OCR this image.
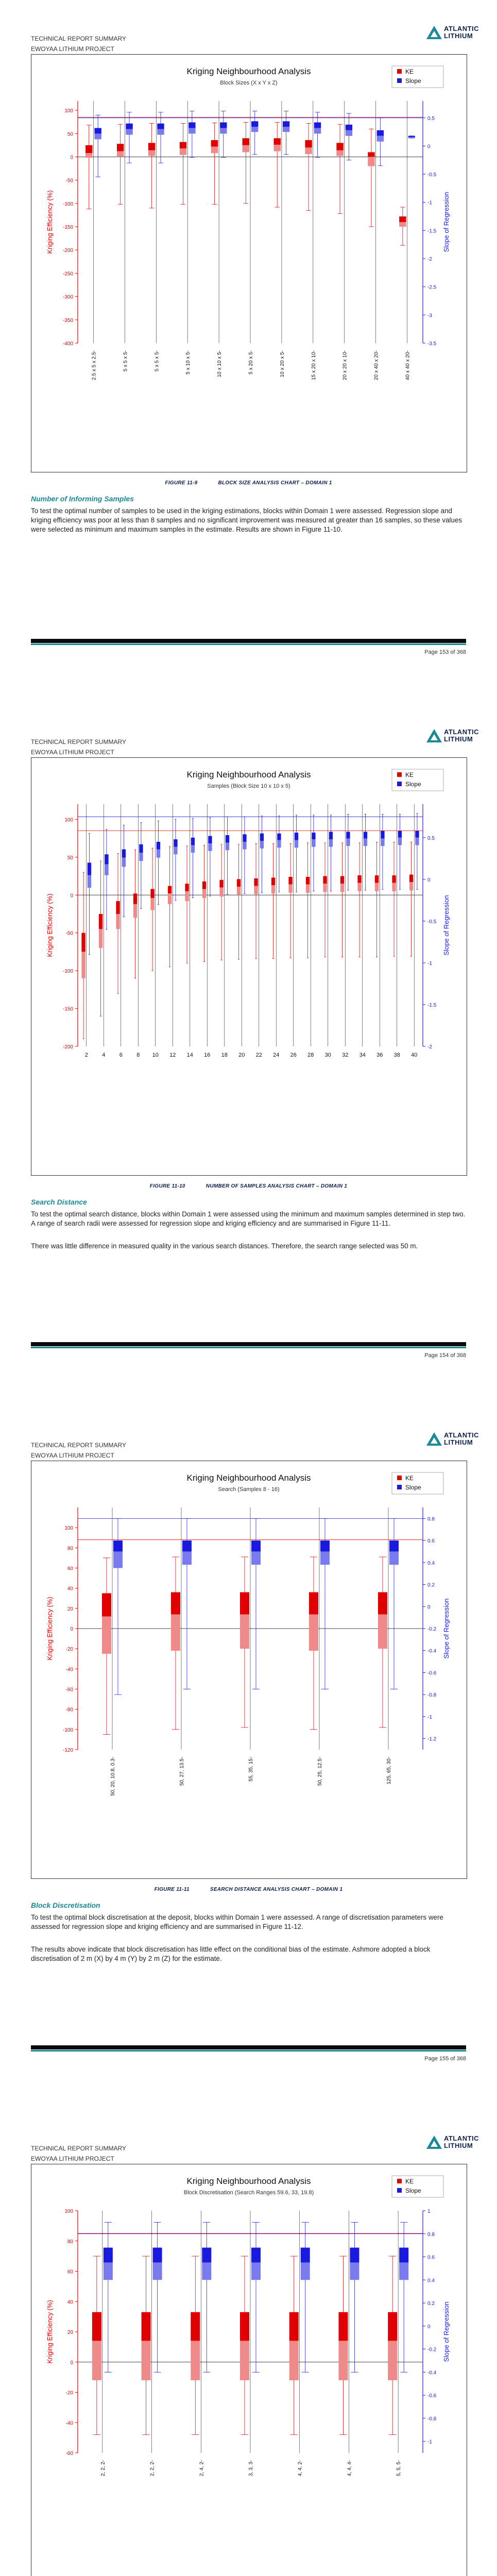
TECHNICAL REPORT SUMMARY
EWOYAA LITHIUM PROJECT
ATLANTIC
LITHIUM
Kriging Neighbourhood Analysis
Block Sizes (X x Y x Z)
KE
Slope
100
50
0
-50
-100
-150
-200
-250
-300
-350
-400
0.5
0
-0.5
-1
-1.5
-2
-2.5
-3
-3.5
Kriging Efficiency (%)	Slope of Regression
2.5 x 5 x 2.5-	5 x 5 x 5-	5 x 5 x 5-	5 x 10 x 5-	10 x 10 x 5-	5 x 20 x 5-	10 x 20 x 5-	15 x 20 x 10-	20 x 20 x 10-	20 x 40 x 20-	40 x 40 x 20-
FIGURE 11-9	BLOCK SIZE ANALYSIS CHART – DOMAIN 1
Number of Informing Samples
To test the optimal number of samples to be used in the kriging estimations, blocks within Domain 1 were assessed. Regression slope and kriging efficiency was poor at less than 8 samples and no significant improvement was measured at greater than 16 samples, so these values were selected as minimum and maximum samples in the estimate. Results are shown in Figure 11-10.
Page 153 of 368
TECHNICAL REPORT SUMMARY
EWOYAA LITHIUM PROJECT
ATLANTIC
LITHIUM
Kriging Neighbourhood Analysis
Samples (Block Size 10 x 10 x 5)
KE
Slope
100
50
0
-50
-100
-150
-200
0.5
0
-0.5
-1
-1.5
-2
Kriging Efficiency (%)	Slope of Regression
2 4 6 8 10 12 14 16 18 20 22 24 26 28 30 32 34 36 38 40
FIGURE 11-10	NUMBER OF SAMPLES ANALYSIS CHART – DOMAIN 1
Search Distance
To test the optimal search distance, blocks within Domain 1 were assessed using the minimum and maximum samples determined in step two. A range of search radii were assessed for regression slope and kriging efficiency and are summarised in Figure 11-11.
There was little difference in measured quality in the various search distances. Therefore, the search range selected was 50 m.
Page 154 of 368
TECHNICAL REPORT SUMMARY
EWOYAA LITHIUM PROJECT
ATLANTIC
LITHIUM
Kriging Neighbourhood Analysis
Search (Samples 8 - 16)
KE
Slope
100
80
60
40
20
0
-20
-40
-60
-80
-100
-120
0.8
0.6
0.4
0.2
0
-0.2
-0.4
-0.6
-0.8
-1
-1.2
Kriging Efficiency (%)	Slope of Regression
50, 20, 10.8, 0.3-	50, 27, 13.5-	55, 35, 15-	50, 25, 12.5-	125, 65, 30-
FIGURE 11-11	SEARCH DISTANCE ANALYSIS CHART – DOMAIN 1
Block Discretisation
To test the optimal block discretisation at the deposit, blocks within Domain 1 were assessed. A range of discretisation parameters were assessed for regression slope and kriging efficiency and are summarised in Figure 11-12.
The results above indicate that block discretisation has little effect on the conditional bias of the estimate. Ashmore adopted a block discretisation of 2 m (X) by 4 m (Y) by 2 m (Z) for the estimate.
Page 155 of 368
TECHNICAL REPORT SUMMARY
EWOYAA LITHIUM PROJECT
ATLANTIC
LITHIUM
Kriging Neighbourhood Analysis
Block Discretisation (Search Ranges 59.6, 33, 19.8)
KE
Slope
100
80
60
40
20
0
-20
-40
-60
1
0.8
0.6
0.4
0.2
0
-0.2
-0.4
-0.6
-0.8
-1
Kriging Efficiency (%)	Slope of Regression
2, 2, 2-	2, 2, 2-	2, 4, 2-	3, 3, 3-	4, 4, 2-	4, 4, 4-	5, 5, 5-
